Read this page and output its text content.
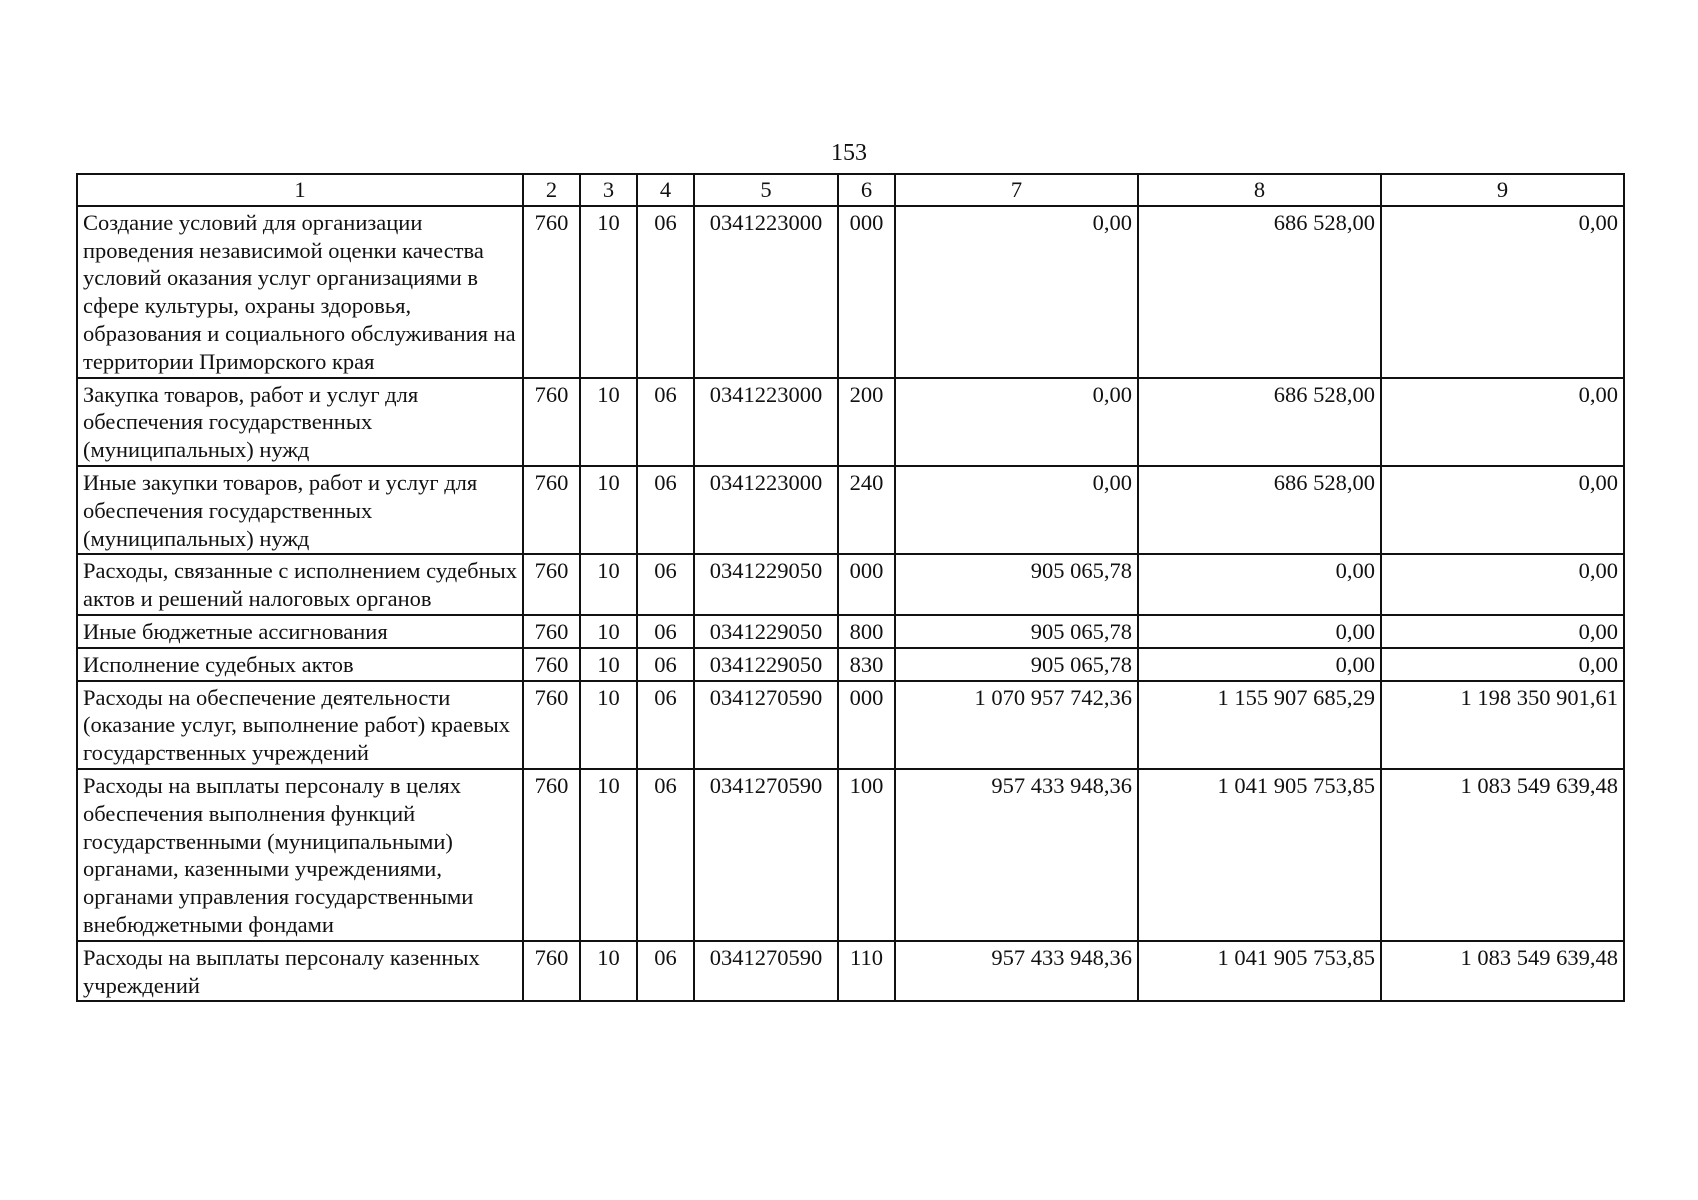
153
1	2	3	4	5	6	7	8	9
Создание условий для организации проведения независимой оценки качества условий оказания услуг организациями в сфере культуры, охраны здоровья, образования и социального обслуживания на территории Приморского края	760	10	06	0341223000	000	0,00	686 528,00	0,00
Закупка товаров, работ и услуг для обеспечения государственных (муниципальных) нужд	760	10	06	0341223000	200	0,00	686 528,00	0,00
Иные закупки товаров, работ и услуг для обеспечения государственных (муниципальных) нужд	760	10	06	0341223000	240	0,00	686 528,00	0,00
Расходы, связанные с исполнением судебных актов и решений налоговых органов	760	10	06	0341229050	000	905 065,78	0,00	0,00
Иные бюджетные ассигнования	760	10	06	0341229050	800	905 065,78	0,00	0,00
Исполнение судебных актов	760	10	06	0341229050	830	905 065,78	0,00	0,00
Расходы на обеспечение деятельности (оказание услуг, выполнение работ) краевых государственных учреждений	760	10	06	0341270590	000	1 070 957 742,36	1 155 907 685,29	1 198 350 901,61
Расходы на выплаты персоналу в целях обеспечения выполнения функций государственными (муниципальными) органами, казенными учреждениями, органами управления государственными внебюджетными фондами	760	10	06	0341270590	100	957 433 948,36	1 041 905 753,85	1 083 549 639,48
Расходы на выплаты персоналу казенных учреждений	760	10	06	0341270590	110	957 433 948,36	1 041 905 753,85	1 083 549 639,48
